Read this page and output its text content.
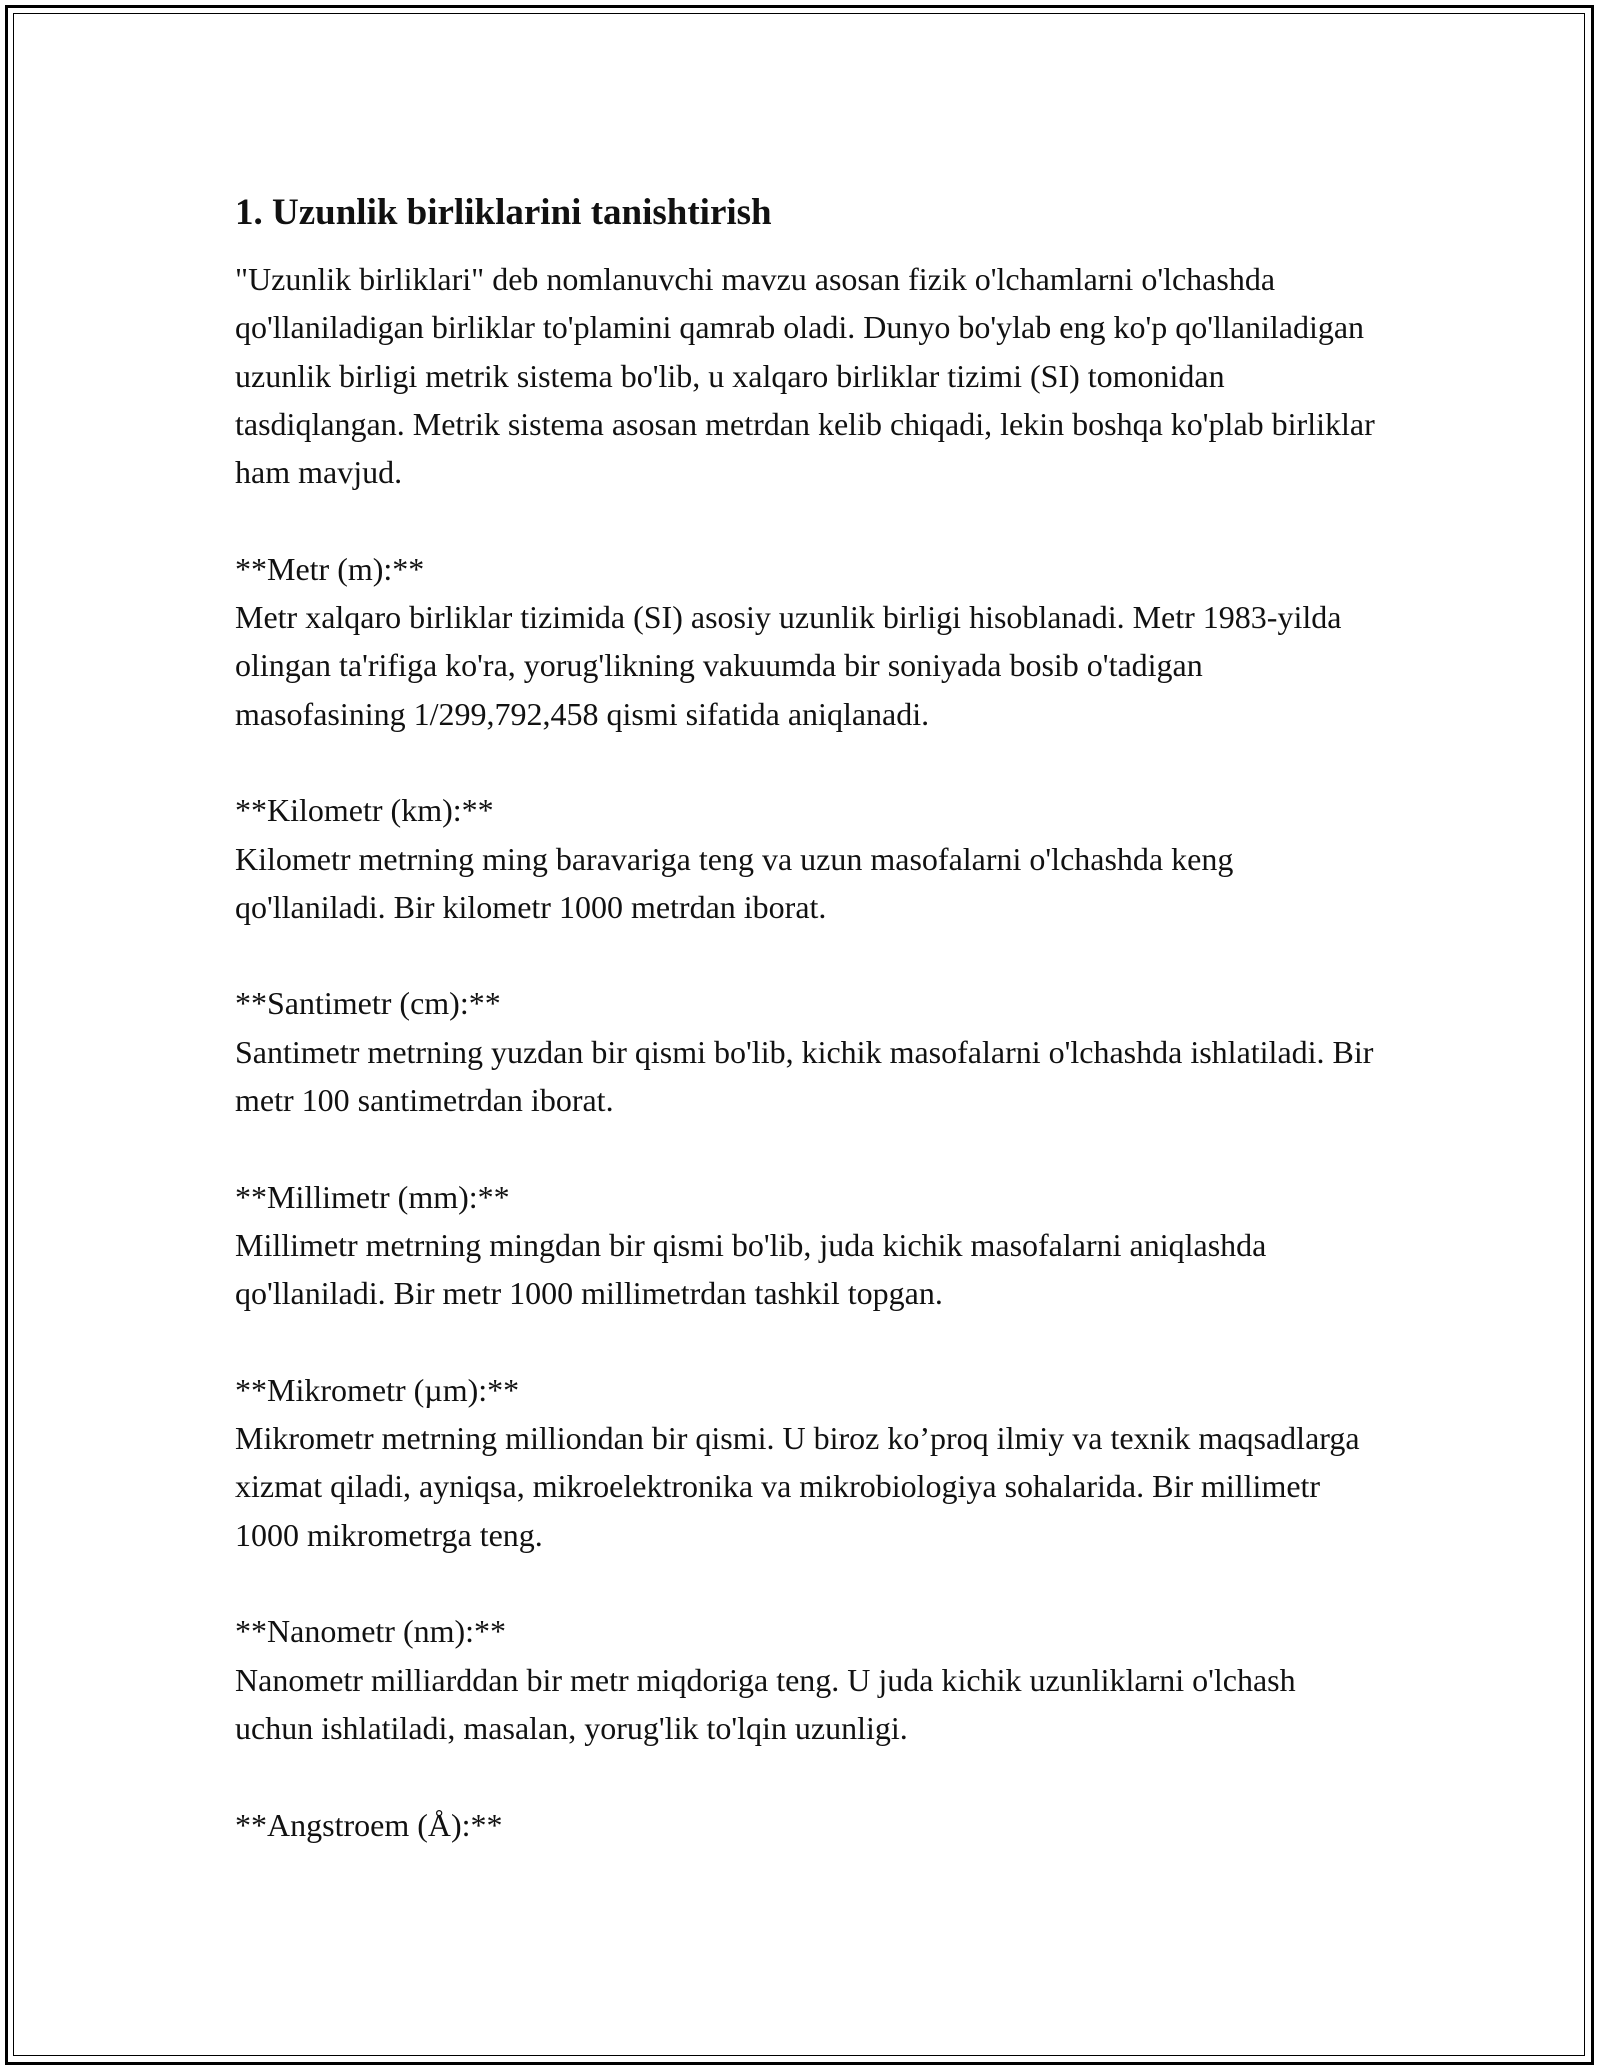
1. Uzunlik birliklarini tanishtirish

"Uzunlik birliklari" deb nomlanuvchi mavzu asosan fizik o'lchamlarni o'lchashda qo'llaniladigan birliklar to'plamini qamrab oladi. Dunyo bo'ylab eng ko'p qo'llaniladigan uzunlik birligi metrik sistema bo'lib, u xalqaro birliklar tizimi (SI) tomonidan tasdiqlangan. Metrik sistema asosan metrdan kelib chiqadi, lekin boshqa ko'plab birliklar ham mavjud.

**Metr (m):**

Metr xalqaro birliklar tizimida (SI) asosiy uzunlik birligi hisoblanadi. Metr 1983-yilda olingan ta'rifiga ko'ra, yorug'likning vakuumda bir soniyada bosib o'tadigan masofasining 1/299,792,458 qismi sifatida aniqlanadi.

**Kilometr (km):**

Kilometr metrning ming baravariga teng va uzun masofalarni o'lchashda keng qo'llaniladi. Bir kilometr 1000 metrdan iborat.

**Santimetr (cm):**

Santimetr metrning yuzdan bir qismi bo'lib, kichik masofalarni o'lchashda ishlatiladi. Bir metr 100 santimetrdan iborat.

**Millimetr (mm):**

Millimetr metrning mingdan bir qismi bo'lib, juda kichik masofalarni aniqlashda qo'llaniladi. Bir metr 1000 millimetrdan tashkil topgan.

**Mikrometr (µm):**

Mikrometr metrning milliondan bir qismi. U biroz ko’proq ilmiy va texnik maqsadlarga xizmat qiladi, ayniqsa, mikroelektronika va mikrobiologiya sohalarida. Bir millimetr 1000 mikrometrga teng.

**Nanometr (nm):**

Nanometr milliarddan bir metr miqdoriga teng. U juda kichik uzunliklarni o'lchash uchun ishlatiladi, masalan, yorug'lik to'lqin uzunligi.

**Angstroem (Å):**
